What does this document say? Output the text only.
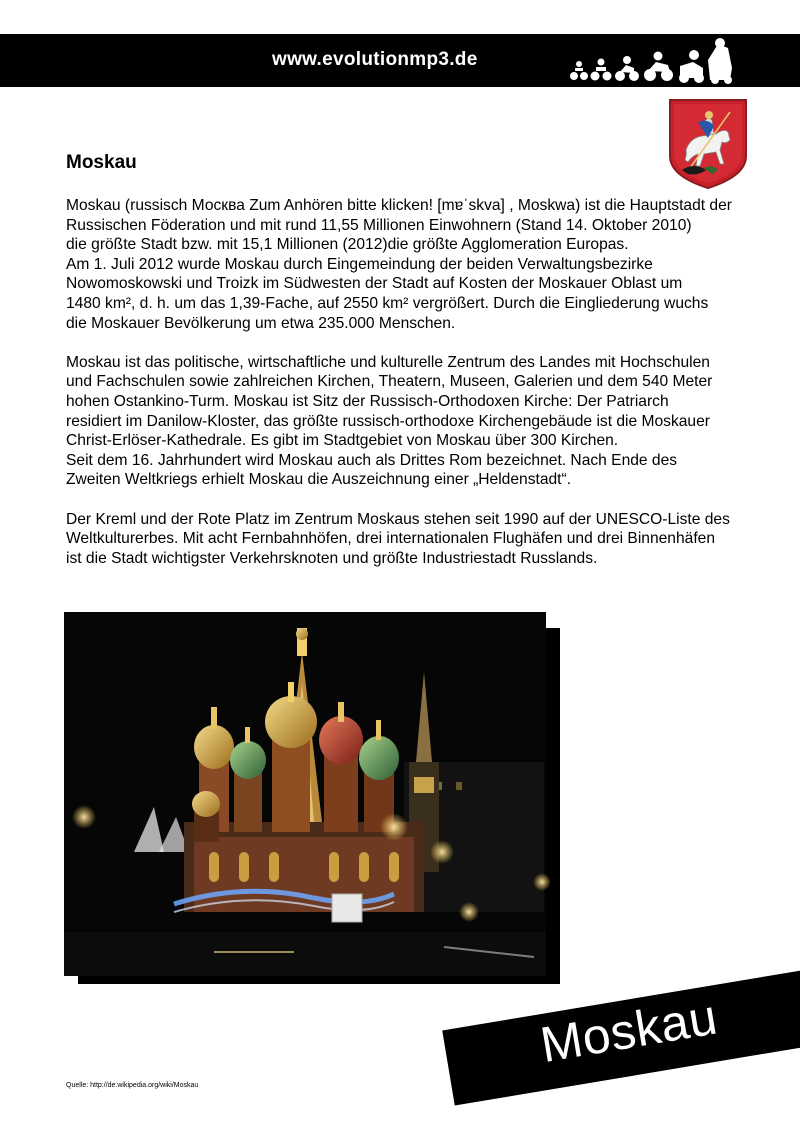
www.evolutionmp3.de
Moskau

Moskau (russisch Москва Zum Anhören bitte klicken! [mɐˈskva] , Moskwa) ist die Hauptstadt der
Russischen Föderation und mit rund 11,55 Millionen Einwohnern (Stand 14. Oktober 2010)
die größte Stadt bzw. mit 15,1 Millionen (2012)die größte Agglomeration Europas.
Am 1. Juli 2012 wurde Moskau durch Eingemeindung der beiden Verwaltungsbezirke
Nowomoskowski und Troizk im Südwesten der Stadt auf Kosten der Moskauer Oblast um
1480 km², d. h. um das 1,39-Fache, auf 2550 km² vergrößert. Durch die Eingliederung wuchs
die Moskauer Bevölkerung um etwa 235.000 Menschen.

Moskau ist das politische, wirtschaftliche und kulturelle Zentrum des Landes mit Hochschulen
und Fachschulen sowie zahlreichen Kirchen, Theatern, Museen, Galerien und dem 540 Meter
hohen Ostankino-Turm. Moskau ist Sitz der Russisch-Orthodoxen Kirche: Der Patriarch
residiert im Danilow-Kloster, das größte russisch-orthodoxe Kirchengebäude ist die Moskauer
Christ-Erlöser-Kathedrale. Es gibt im Stadtgebiet von Moskau über 300 Kirchen.
Seit dem 16. Jahrhundert wird Moskau auch als Drittes Rom bezeichnet. Nach Ende des
Zweiten Weltkriegs erhielt Moskau die Auszeichnung einer „Heldenstadt“.

Der Kreml und der Rote Platz im Zentrum Moskaus stehen seit 1990 auf der UNESCO-Liste des
Weltkulturerbes. Mit acht Fernbahnhöfen, drei internationalen Flughäfen und drei Binnenhäfen
ist die Stadt wichtigster Verkehrsknoten und größte Industriestadt Russlands.

Moskau
Quelle: http://de.wikipedia.org/wiki/Moskau
